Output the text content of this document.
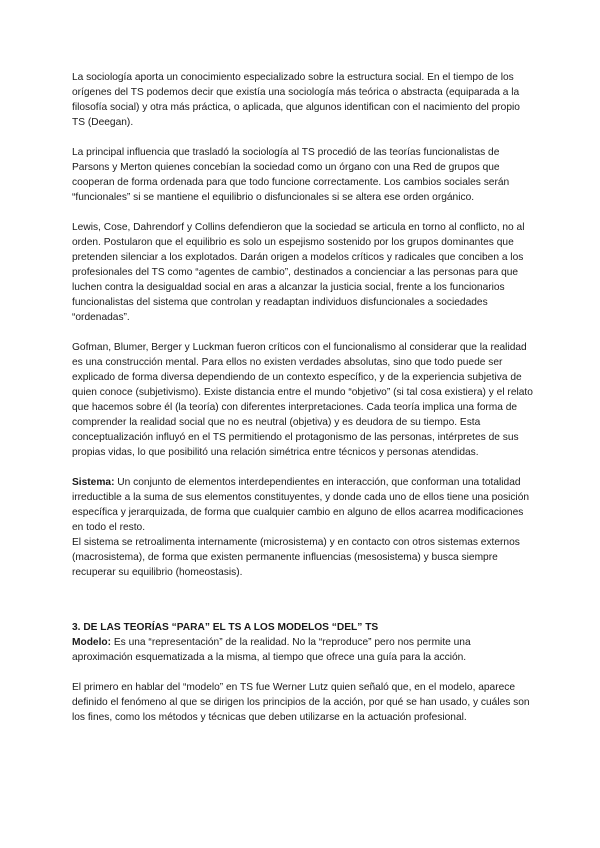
La sociología aporta un conocimiento especializado sobre la estructura social. En el tiempo de los orígenes del TS podemos decir que existía una sociología más teórica o abstracta (equiparada a la filosofía social) y otra más práctica, o aplicada, que algunos identifican con el nacimiento del propio TS (Deegan).

La principal influencia que trasladó la sociología al TS procedió de las teorías funcionalistas de Parsons y Merton quienes concebían la sociedad como un órgano con una Red de grupos que cooperan de forma ordenada para que todo funcione correctamente. Los cambios sociales serán “funcionales” si se mantiene el equilibrio o disfuncionales si se altera ese orden orgánico.

Lewis, Cose, Dahrendorf y Collins defendieron que la sociedad se articula en torno al conflicto, no al orden. Postularon que el equilibrio es solo un espejismo sostenido por los grupos dominantes que pretenden silenciar a los explotados. Darán origen a modelos críticos y radicales que conciben a los profesionales del TS como “agentes de cambio”, destinados a concienciar a las personas para que luchen contra la desigualdad social en aras a alcanzar la justicia social, frente a los funcionarios funcionalistas del sistema que controlan y readaptan individuos disfuncionales a sociedades “ordenadas”.

Gofman, Blumer, Berger y Luckman fueron críticos con el funcionalismo al considerar que la realidad es una construcción mental. Para ellos no existen verdades absolutas, sino que todo puede ser explicado de forma diversa dependiendo de un contexto específico, y de la experiencia subjetiva de quien conoce (subjetivismo). Existe distancia entre el mundo “objetivo” (si tal cosa existiera) y el relato que hacemos sobre él (la teoría) con diferentes interpretaciones. Cada teoría implica una forma de comprender la realidad social que no es neutral (objetiva) y es deudora de su tiempo. Esta conceptualización influyó en el TS permitiendo el protagonismo de las personas, intérpretes de sus propias vidas, lo que posibilitó una relación simétrica entre técnicos y personas atendidas.

Sistema: Un conjunto de elementos interdependientes en interacción, que conforman una totalidad irreductible a la suma de sus elementos constituyentes, y donde cada uno de ellos tiene una posición específica y jerarquizada, de forma que cualquier cambio en alguno de ellos acarrea modificaciones en todo el resto.

El sistema se retroalimenta internamente (microsistema) y en contacto con otros sistemas externos (macrosistema), de forma que existen permanente influencias (mesosistema) y busca siempre recuperar su equilibrio (homeostasis).

3. DE LAS TEORÍAS “PARA” EL TS A LOS MODELOS “DEL” TS

Modelo: Es una “representación” de la realidad. No la “reproduce” pero nos permite una aproximación esquematizada a la misma, al tiempo que ofrece una guía para la acción.

El primero en hablar del “modelo” en TS fue Werner Lutz quien señaló que, en el modelo, aparece definido el fenómeno al que se dirigen los principios de la acción, por qué se han usado, y cuáles son los fines, como los métodos y técnicas que deben utilizarse en la actuación profesional.
